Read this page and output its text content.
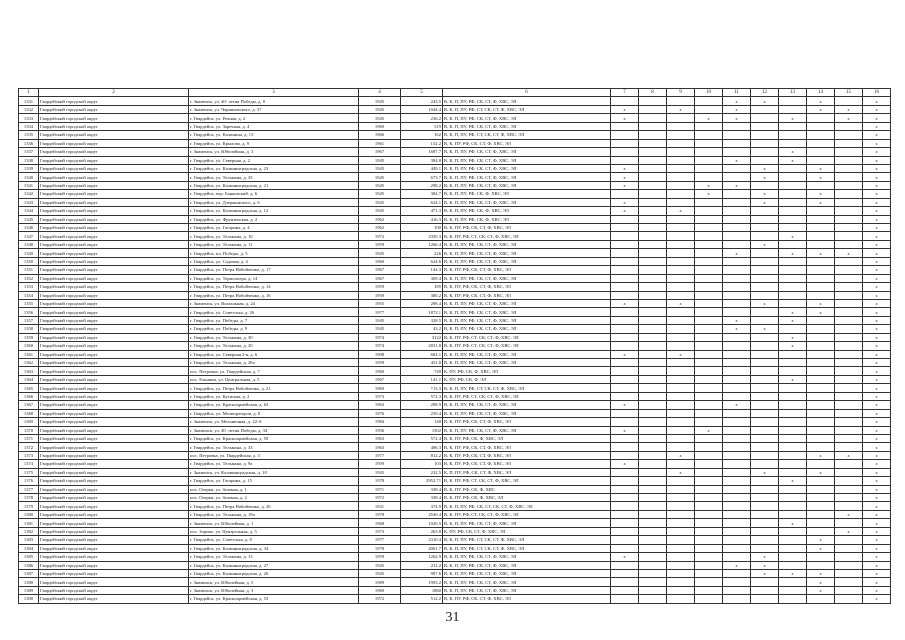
1	2	3	4	5	6	7	8	9	10	11	12	13	14	15	16
1331	Гвардейский городской округ	г. Знаменск, ул. 40- летия Победы, д. 8	1945	243.5	В, К, П, ПУ, РФ, СК, СТ, Ф, ХВС, ЭЛ					x	x		x		x
1332	Гвардейский городской округ	г. Знаменск, ул. Черняховского, д. 37	1945	1044.4	В, К, П, ПУ, РФ, СТ, СК, СТ, Ф, ХВС, ЭЛ	x		x		x			x	x	x
1333	Гвардейский городской округ	г. Гвардейск, ул. Речная, д. 2	1945	236.2	В, К, П, ПУ, РФ, СК, СТ, Ф, ХВС, ЭЛ	x			x	x		x		x	x
1334	Гвардейский городской округ	г. Гвардейск, ул. Заречная, д. 4	1969	519	В, К, П, ПУ, РФ, СК, СТ, Ф, ХВС, ЭЛ										x
1335	Гвардейский городской округ	г. Гвардейск, ул. Калинина, д. 13	1966	162	В, К, П, ПУ, РФ, СТ, СК, СТ, Ф, ХВС, ЭЛ										x
1336	Гвардейский городской округ	г. Гвардейск, ул. Крылова, д. 9	1961	152.2	В, К, ПУ, РФ, СК, СТ, Ф, ХВС, ЭЛ										x
1337	Гвардейский городской округ	г. Знаменск, ул. Юбилейная, д. 3	1967	1687.7	В, К, П, ПУ, РФ, СК, СТ, Ф, ХВС, ЭЛ							x			x
1338	Гвардейский городской округ	г. Гвардейск, ул. Северная, д. 2	1945	384.8	В, К, П, ПУ, РФ, СК, СТ, Ф, ХВС, ЭЛ					x		x			x
1339	Гвардейский городской округ	г. Гвардейск, ул. Калининградская, д. 23	1945	449.1	В, К, П, ПУ, РФ, СК, СТ, Ф, ХВС, ЭЛ	x					x		x		x
1340	Гвардейский городской округ	г. Гвардейск, ул. Тельмана, д. 35	1945	673.7	В, К, П, ПУ, РФ, СК, СТ, Ф, ХВС, ЭЛ	x					x		x		x
1341	Гвардейский городской округ	г. Гвардейск, ул. Калининградская, д. 21	1945	298.2	В, К, П, ПУ, РФ, СК, СТ, Ф, ХВС, ЭЛ	x			x	x					x
1342	Гвардейский городской округ	г. Гвардейск, пер. Банковский, д. 6	1945	384.7	В, К, П, ПУ, РФ, СК, Ф, ХВС, ЭЛ				x		x		x		x
1343	Гвардейский городской округ	г. Гвардейск, ул. Дзержинского, д. 6	1945	624.1	В, К, П, ПУ, РФ, СК, СТ, Ф, ХВС, ЭЛ	x					x		x		x
1344	Гвардейский городской округ	г. Гвардейск, ул. Калининградская, д. 12	1945	471.3	В, К, П, ПУ, РФ, СК, Ф, ХВС, ЭЛ	x		x							x
1345	Гвардейский городской округ	г. Гвардейск, ул. Фрунзенская, д. 2	1962	416.3	В, К, П, ПУ, РФ, СК, Ф, ХВС, ЭЛ										x
1346	Гвардейский городской округ	г. Гвардейск, ул. Гагарина, д. 4	1962	100	В, К, ПУ, РФ, СК, СТ, Ф, ХВС, ЭЛ										x
1347	Гвардейский городской округ	г. Гвардейск, ул. Тельмана, д. 10	1972	2350.3	В, К, ПУ, РФ, СТ, СК, СТ, Ф, ХВС, ЭЛ							x			x
1348	Гвардейский городской округ	г. Гвардейск, ул. Тельмана, д. 11	1959	1266.4	В, К, П, ПУ, РФ, СК, СТ, Ф, ХВС, ЭЛ						x				x
1349	Гвардейский городской округ	г. Гвардейск, пл. Победы, д. 5	1945	226	В, К, П, ПУ, РФ, СК, СТ, Ф, ХВС, ЭЛ					x		x	x	x	x
1350	Гвардейский городской округ	г. Гвардейск, ул. Садовая, д. 4	1960	624.6	В, К, П, ПУ, РФ, СК, СТ, Ф, ХВС, ЭЛ										x
1351	Гвардейский городской округ	г. Гвардейск, ул. Петра Набойченко, д. 17	1967	144.3	В, К, ПУ, РФ, СК, СТ, Ф, ХВС, ЭЛ										x
1352	Гвардейский городской округ	г. Гвардейск, ул. Термоопера, д. 14	1967	309.4	В, К, П, ПУ, РФ, СК, СТ, Ф, ХВС, ЭЛ										x
1353	Гвардейский городской округ	г. Гвардейск, ул. Петра Набойченко, д. 14	1959	185	В, К, ПУ, РФ, СК, СТ, Ф, ХВС, ЭЛ										x
1354	Гвардейский городской округ	г. Гвардейск, ул. Петра Набойченко, д. 16	1959	380.2	В, К, ПУ, РФ, СК, СТ, Ф, ХВС, ЭЛ										x
1355	Гвардейский городской округ	г. Знаменск, ул. Вокзальная, д. 24	1955	298.4	В, К, П, ПУ, РФ, СК, СТ, Ф, ХВС, ЭЛ	x		x			x		x		x
1356	Гвардейский городской округ	г. Гвардейск, ул. Советская, д. 26	1977	1872.1	В, К, П, ПУ, РФ, СК, СТ, Ф, ХВС, ЭЛ							x	x		x
1357	Гвардейский городской округ	г. Гвардейск, ул. Победы, д. 7	1945	328.5	В, К, П, ПУ, РФ, СК, СТ, Ф, ХВС, ЭЛ					x		x			x
1358	Гвардейский городской округ	г. Гвардейск, ул. Победы, д. 9	1945	43.2	В, К, П, ПУ, РФ, СК, СТ, Ф, ХВС, ЭЛ					x	x				x
1359	Гвардейский городской округ	г. Гвардейск, ул. Тельмана, д. 30	1974	3122	В, К, ПУ, РФ, СТ, СК, СТ, Ф, ХВС, ЭЛ							x			x
1360	Гвардейский городской округ	г. Гвардейск, ул. Тельмана, д. 20	1974	2831.8	В, К, ПУ, РФ, СТ, СК, СТ, Ф, ХВС, ЭЛ							x			x
1361	Гвардейский городской округ	г. Гвардейск, ул. Северная 2-я, д. 6	1908	684.1	В, К, П, ПУ, РФ, СК, СТ, Ф, ХВС, ЭЛ	x		x							x
1362	Гвардейский городской округ	г. Гвардейск, ул. Тельмана, д. 28а	1959	451.8	В, К, П, ПУ, РФ, СК, СТ, Ф, ХВС, ЭЛ										x
1363	Гвардейский городской округ	пос. Петровка, ул. Гвардейская, д. 7	1960	749	К, ПУ, РФ, СК, Ф, ХВС, ЭЛ										x
1364	Гвардейский городской округ	пос. Ельники, ул. Центральная, д. 5	1967	141.1	К, ПУ, РФ, СК, Ф, ЭЛ							x			x
1365	Гвардейский городской округ	г. Гвардейск, ул. Петра Набойченко, д. 21	1969	713.3	В, К, П, ПУ, РФ, СТ, СК, СТ, Ф, ХВС, ЭЛ										x
1366	Гвардейский городской округ	г. Гвардейск, ул. Кутяская, д. 2	1973	572.3	В, К, ПУ, РФ, СТ, СК, СТ, Ф, ХВС, ЭЛ										x
1367	Гвардейский городской округ	г. Гвардейск, ул. Красноармейская, д. 63	1963	288.9	В, К, П, ПУ, РФ, СК, СТ, Ф, ХВС, ЭЛ	x				x					x
1368	Гвардейский городской округ	г. Гвардейск, ул. Мелиораторов, д. 8	1976	250.4	В, К, П, ПУ, РФ, СК, СТ, Ф, ХВС, ЭЛ										x
1369	Гвардейский городской округ	г. Знаменск, ул. Мельничная, д. 22-А	1984	140	В, К, ПУ, РФ, СК, СТ, Ф, ХВС, ЭЛ										x
1370	Гвардейский городской округ	г. Знаменск, ул. 40 -летия Победы, д. 34	1956	1502	В, К, П, ПУ, РФ, СК, СТ, Ф, ХВС, ЭЛ	x			x						x
1371	Гвардейский городской округ	г. Гвардейск, ул. Красноармейская, д. 59	1963	572.4	В, К, ПУ, РФ, СК, Ф, ХВС, ЭЛ										x
1372	Гвардейский городской округ	г. Гвардейск, ул. Тельмана, д. 33	1963	486.3	В, К, ПУ, РФ, СК, СТ, Ф, ХВС, ЭЛ										x
1373	Гвардейский городской округ	пос. Петровка, ул. Гвардейская, д. 3	1977	812.2	В, К, ПУ, РФ, СК, СТ, Ф, ХВС, ЭЛ			x					x	x	x
1374	Гвардейский городской округ	г. Гвардейск, ул. Тельмана, д. 9а	1959	103	В, К, ПУ, РФ, СК, СТ, Ф, ХВС, ЭЛ	x									x
1375	Гвардейский городской округ	г. Знаменск, ул. Калининградская, д. 10	1945	232.5	К, П, ПУ, РФ, СК, СТ, Ф, ХВС, ЭЛ			x			x		x		x
1376	Гвардейский городской округ	г. Гвардейск, ул. Гагарина, д. 15	1978	2952.71	В, К, ПУ, РФ, СТ, СК, СТ, Ф, ХВС, ЭЛ							x			x
1377	Гвардейский городской округ	пос. Озерки, ул. Зеленая, д. 1	1971	338.4	В, К, ПУ, РФ, СК, Ф, ХВС										x
1378	Гвардейский городской округ	пос. Озерки, ул. Зеленая, д. 2	1972	338.4	В, К, ПУ, РФ, СК, Ф, ХВС, ЭЛ										x
1379	Гвардейский городской округ	г. Гвардейск, ул. Петра Набойченко, д. 20	1931	374.9	В, К, П, ПУ, РФ, СК, СТ, СК, СТ, Ф, ХВС, ЭЛ										x
1380	Гвардейский городской округ	г. Гвардейск, ул. Тельмана, д. 19а	1978	2530.4	В, К, ПУ, РФ, СТ, СК, СТ, Ф, ХВС, ЭЛ									x	x
1381	Гвардейский городской округ	г. Знаменск, ул. Юбилейная, д. 1	1968	1020.5	В, К, П, ПУ, РФ, СК, СТ, Ф, ХВС, ЭЛ							x			x
1382	Гвардейский городской округ	пос. Зорино, ул. Центральная, д. 5	1973	263.8	К, ПУ, РФ, СК, СТ, Ф, ХВС, ЭЛ									x	x
1383	Гвардейский городской округ	г. Гвардейск, ул. Советская, д. 8	1977	2310.4	В, К, П, ПУ, РФ, СТ, СК, СТ, Ф, ХВС, ЭЛ								x		x
1384	Гвардейский городской округ	г. Гвардейск, ул. Калининградская, д. 34	1978	2061.7	В, К, П, ПУ, РФ, СТ, СК, СТ, Ф, ХВС, ЭЛ								x		x
1385	Гвардейский городской округ	г. Гвардейск, ул. Тельмана, д. 13	1959	1262.9	В, К, П, ПУ, РФ, СК, СТ, Ф, ХВС, ЭЛ	x					x				x
1386	Гвардейский городской округ	г. Гвардейск, ул. Калининградская, д. 27	1945	211.2	В, К, П, ПУ, РФ, СК, СТ, Ф, ХВС, ЭЛ					x	x				x
1387	Гвардейский городской округ	г. Гвардейск, ул. Калининградская, д. 26	1945	997.6	В, К, П, ПУ, РФ, СК, СТ, Ф, ХВС, ЭЛ						x	x	x		x
1388	Гвардейский городской округ	г. Знаменск, ул. Юбилейная, д. 5	1989	1993.2	В, К, П, ПУ, РФ, СК, СТ, Ф, ХВС, ЭЛ								x		x
1389	Гвардейский городской округ	г. Знаменск, ул. Юбилейная, д. 3	1969	1860	В, К, П, ПУ, РФ, СК, СТ, Ф, ХВС, ЭЛ								x		x
1390	Гвардейский городской округ	г. Гвардейск, ул. Красноармейская, д. 53	1972	512.2	В, К, ПУ, РФ, СК, СТ, Ф, ХВС, ЭЛ										x
31
